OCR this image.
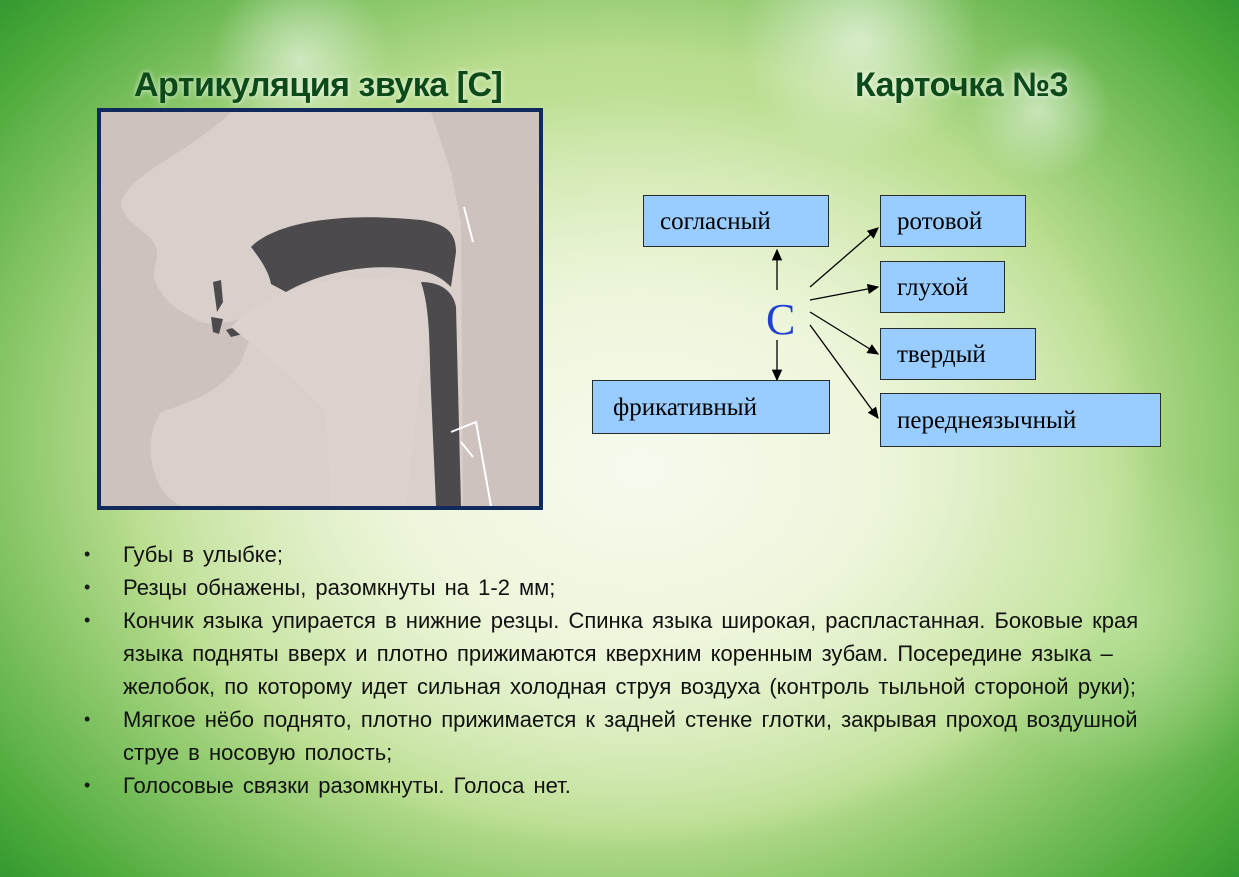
Артикуляция звука [С]	Карточка №3
согласный
фрикативный
ротовой
глухой
твердый
переднеязычный
С
• Губы в улыбке;
• Резцы обнажены, разомкнуты на 1-2 мм;
• Кончик языка упирается в нижние резцы. Спинка языка широкая, распластанная. Боковые края языка подняты вверх и плотно прижимаются кверхним коренным зубам. Посередине языка – желобок, по которому идет сильная холодная струя воздуха (контроль тыльной стороной руки);
• Мягкое нёбо поднято, плотно прижимается к задней стенке глотки, закрывая проход воздушной струе в носовую полость;
• Голосовые связки разомкнуты. Голоса нет.
